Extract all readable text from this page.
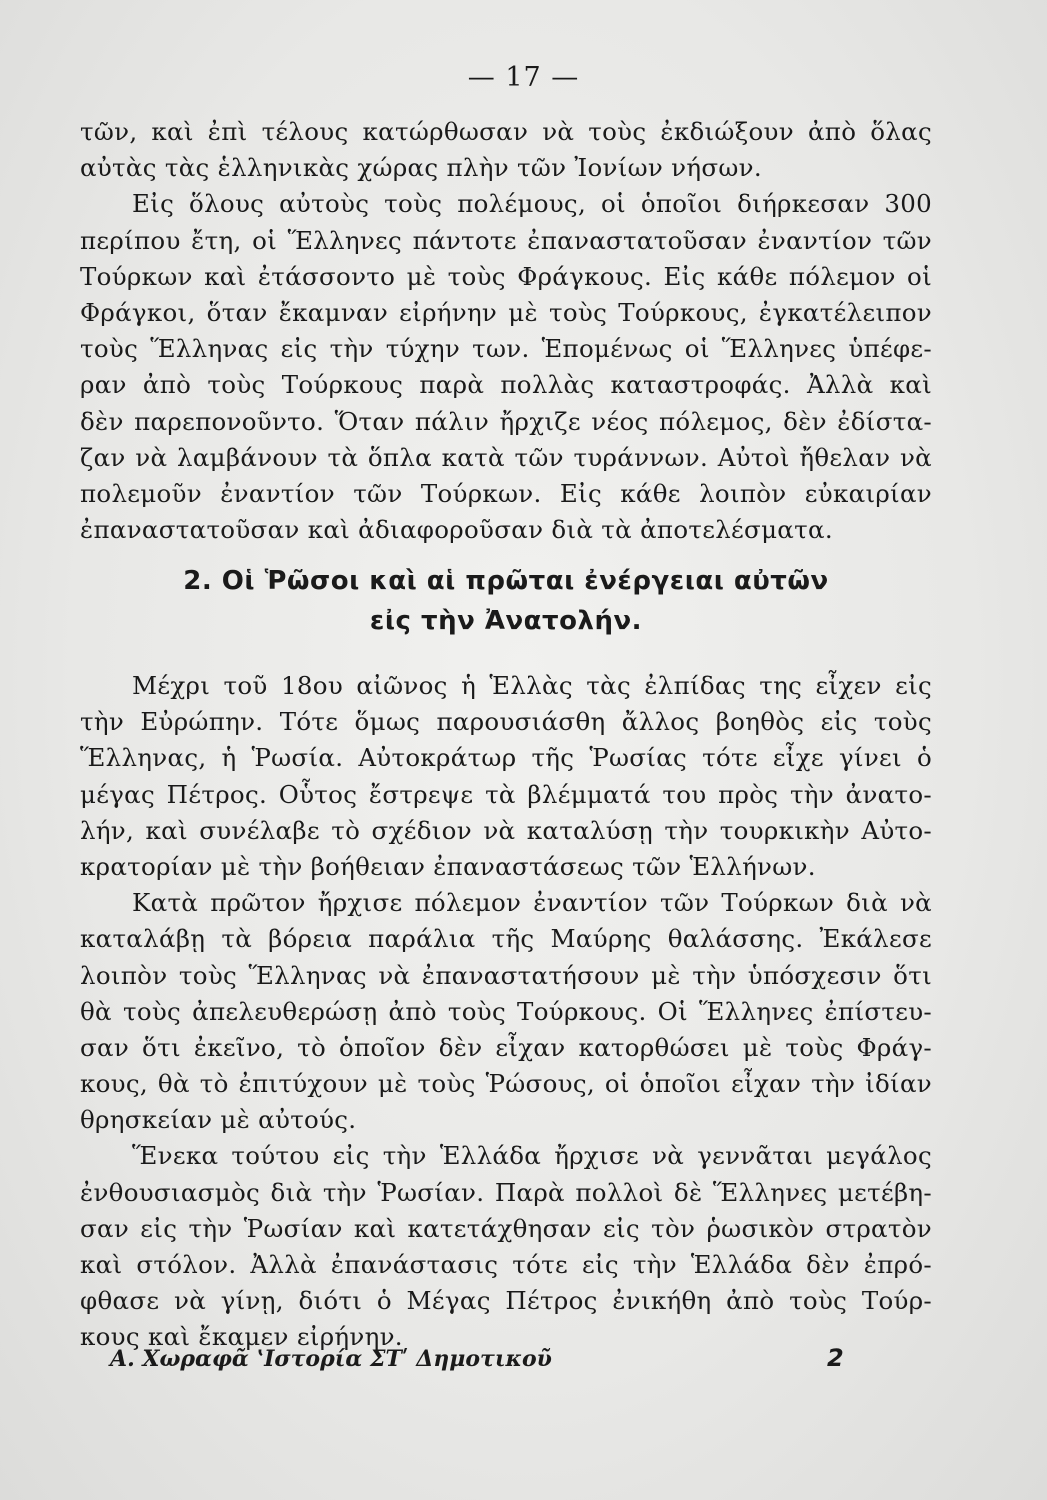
— 17 —
τῶν, καὶ ἐπὶ τέλους κατώρθωσαν νὰ τοὺς ἐκδιώξουν ἀπὸ ὅλας
αὐτὰς τὰς ἑλληνικὰς χώρας πλὴν τῶν Ἰονίων νήσων.
Εἰς ὅλους αὐτοὺς τοὺς πολέμους, οἱ ὁποῖοι διήρκεσαν 300
περίπου ἔτη, οἱ Ἕλληνες πάντοτε ἐπαναστατοῦσαν ἐναντίον τῶν
Τούρκων καὶ ἐτάσσοντο μὲ τοὺς Φράγκους. Εἰς κάθε πόλεμον οἱ
Φράγκοι, ὅταν ἔκαμναν εἰρήνην μὲ τοὺς Τούρκους, ἐγκατέλειπον
τοὺς Ἕλληνας εἰς τὴν τύχην των. Ἑπομένως οἱ Ἕλληνες ὑπέφε-
ραν ἀπὸ τοὺς Τούρκους παρὰ πολλὰς καταστροφάς. Ἀλλὰ καὶ
δὲν παρεπονοῦντο. Ὅταν πάλιν ἤρχιζε νέος πόλεμος, δὲν ἐδίστα-
ζαν νὰ λαμβάνουν τὰ ὅπλα κατὰ τῶν τυράννων. Αὐτοὶ ἤθελαν νὰ
πολεμοῦν ἐναντίον τῶν Τούρκων. Εἰς κάθε λοιπὸν εὐκαιρίαν
ἐπαναστατοῦσαν καὶ ἀδιαφοροῦσαν διὰ τὰ ἀποτελέσματα.
2. Οἱ Ῥῶσοι καὶ αἱ πρῶται ἐνέργειαι αὐτῶν
εἰς τὴν Ἀνατολήν.
Μέχρι τοῦ 18ου αἰῶνος ἡ Ἑλλὰς τὰς ἐλπίδας της εἶχεν εἰς
τὴν Εὐρώπην. Τότε ὅμως παρουσιάσθη ἄλλος βοηθὸς εἰς τοὺς
Ἕλληνας, ἡ Ῥωσία. Αὐτοκράτωρ τῆς Ῥωσίας τότε εἶχε γίνει ὁ
μέγας Πέτρος. Οὗτος ἔστρεψε τὰ βλέμματά του πρὸς τὴν ἀνατο-
λήν, καὶ συνέλαβε τὸ σχέδιον νὰ καταλύσῃ τὴν τουρκικὴν Αὐτο-
κρατορίαν μὲ τὴν βοήθειαν ἐπαναστάσεως τῶν Ἑλλήνων.
Κατὰ πρῶτον ἤρχισε πόλεμον ἐναντίον τῶν Τούρκων διὰ νὰ
καταλάβῃ τὰ βόρεια παράλια τῆς Μαύρης θαλάσσης. Ἐκάλεσε
λοιπὸν τοὺς Ἕλληνας νὰ ἐπαναστατήσουν μὲ τὴν ὑπόσχεσιν ὅτι
θὰ τοὺς ἀπελευθερώσῃ ἀπὸ τοὺς Τούρκους. Οἱ Ἕλληνες ἐπίστευ-
σαν ὅτι ἐκεῖνο, τὸ ὁποῖον δὲν εἶχαν κατορθώσει μὲ τοὺς Φράγ-
κους, θὰ τὸ ἐπιτύχουν μὲ τοὺς Ῥώσους, οἱ ὁποῖοι εἶχαν τὴν ἰδίαν
θρησκείαν μὲ αὐτούς.
Ἕνεκα τούτου εἰς τὴν Ἑλλάδα ἤρχισε νὰ γεννᾶται μεγάλος
ἐνθουσιασμὸς διὰ τὴν Ῥωσίαν. Παρὰ πολλοὶ δὲ Ἕλληνες μετέβη-
σαν εἰς τὴν Ῥωσίαν καὶ κατετάχθησαν εἰς τὸν ῥωσικὸν στρατὸν
καὶ στόλον. Ἀλλὰ ἐπανάστασις τότε εἰς τὴν Ἑλλάδα δὲν ἐπρό-
φθασε νὰ γίνῃ, διότι ὁ Μέγας Πέτρος ἐνικήθη ἀπὸ τοὺς Τούρ-
κους καὶ ἔκαμεν εἰρήνην.
Α. Χωραφᾶ ʽΙστορία ΣΤʹ Δημοτικοῦ	2
